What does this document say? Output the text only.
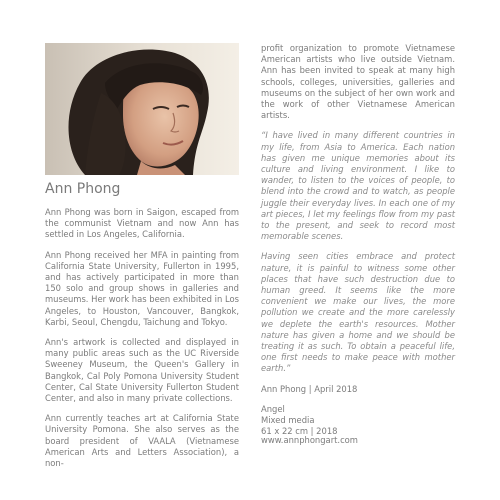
Ann Phong

Ann Phong was born in Saigon, escaped from the communist Vietnam and now Ann has settled in Los Angeles, California.

Ann Phong received her MFA in painting from California State University, Fullerton in 1995, and has actively participated in more than 150 solo and group shows in galleries and museums. Her work has been exhibited in Los Angeles, to Houston, Vancouver, Bangkok, Karbi, Seoul, Chengdu, Taichung and Tokyo.

Ann's artwork is collected and displayed in many public areas such as the UC Riverside Sweeney Museum, the Queen's Gallery in Bangkok, Cal Poly Pomona University Student Center, Cal State University Fullerton Student Center, and also in many private collections.

Ann currently teaches art at California State University Pomona. She also serves as the board president of VAALA (Vietnamese American Arts and Letters Association), a non-

profit organization to promote Vietnamese American artists who live outside Vietnam. Ann has been invited to speak at many high schools, colleges, universities, galleries and museums on the subject of her own work and the work of other Vietnamese American artists.

“I have lived in many different countries in my life, from Asia to America. Each nation has given me unique memories about its culture and living environment. I like to wander, to listen to the voices of people, to blend into the crowd and to watch, as people juggle their everyday lives. In each one of my art pieces, I let my feelings flow from my past to the present, and seek to record most memorable scenes.

Having seen cities embrace and protect nature, it is painful to witness some other places that have such destruction due to human greed. It seems like the more convenient we make our lives, the more pollution we create and the more carelessly we deplete the earth's resources. Mother nature has given a home and we should be treating it as such. To obtain a peaceful life, one first needs to make peace with mother earth.”

Ann Phong | April 2018
Angel
Mixed media
61 x 22 cm | 2018
www.annphongart.com
